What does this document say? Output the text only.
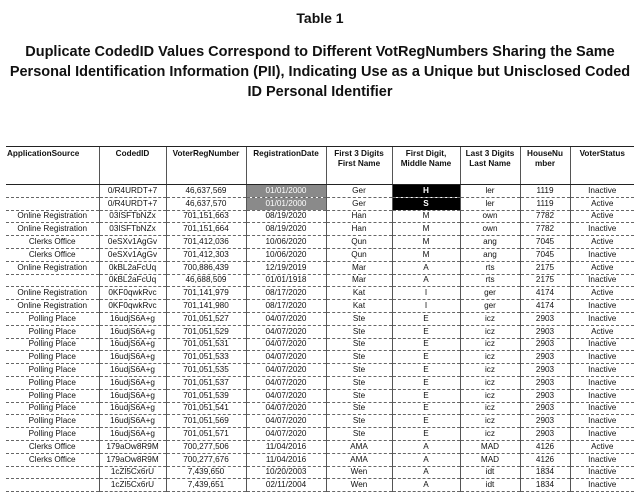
Table 1
Duplicate CodedID Values Correspond to Different VotRegNumbers Sharing the Same Personal Identification Information (PII), Indicating Use as a Unique but Unisclosed Coded ID Personal Identifier
ApplicationSource	CodedID	VoterRegNumber	RegistrationDate	First 3 Digits First Name	First Digit, Middle Name	Last 3 Digits Last Name	HouseNu mber	VoterStatus

	0/R4URDT+7	46,637,569	01/01/2000	Ger	H	ler	1119	Inactive
	0/R4URDT+7	46,637,570	01/01/2000	Ger	S	ler	1119	Active
Online Registration	03ISFTbNZx	701,151,663	08/19/2020	Han	M	own	7782	Active
Online Registration	03ISFTbNZx	701,151,664	08/19/2020	Han	M	own	7782	Inactive
Clerks Office	0eSXv1AgGv	701,412,036	10/06/2020	Qun	M	ang	7045	Active
Clerks Office	0eSXv1AgGv	701,412,303	10/06/2020	Qun	M	ang	7045	Inactive
Online Registration	0kBL2aFcUq	700,886,439	12/19/2019	Mar	A	rts	2175	Active
	0kBL2aFcUq	46,688,509	01/01/1918	Mar	A	rts	2175	Inactive
Online Registration	0KF0qwkRvc	701,141,979	08/17/2020	Kat	I	ger	4174	Active
Online Registration	0KF0qwkRvc	701,141,980	08/17/2020	Kat	I	ger	4174	Inactive
Polling Place	16udjS6A+g	701,051,527	04/07/2020	Ste	E	icz	2903	Inactive
Polling Place	16udjS6A+g	701,051,529	04/07/2020	Ste	E	icz	2903	Active
Polling Place	16udjS6A+g	701,051,531	04/07/2020	Ste	E	icz	2903	Inactive
Polling Place	16udjS6A+g	701,051,533	04/07/2020	Ste	E	icz	2903	Inactive
Polling Place	16udjS6A+g	701,051,535	04/07/2020	Ste	E	icz	2903	Inactive
Polling Place	16udjS6A+g	701,051,537	04/07/2020	Ste	E	icz	2903	Inactive
Polling Place	16udjS6A+g	701,051,539	04/07/2020	Ste	E	icz	2903	Inactive
Polling Place	16udjS6A+g	701,051,541	04/07/2020	Ste	E	icz	2903	Inactive
Polling Place	16udjS6A+g	701,051,569	04/07/2020	Ste	E	icz	2903	Inactive
Polling Place	16udjS6A+g	701,051,571	04/07/2020	Ste	E	icz	2903	Inactive
Clerks Office	179aOw8R9M	700,277,506	11/04/2016	AMA	A	MAD	4126	Active
Clerks Office	179aOw8R9M	700,277,676	11/04/2016	AMA	A	MAD	4126	Inactive
	1cZl5Cx6rU	7,439,650	10/20/2003	Wen	A	idt	1834	Inactive
	1cZl5Cx6rU	7,439,651	02/11/2004	Wen	A	idt	1834	Inactive
